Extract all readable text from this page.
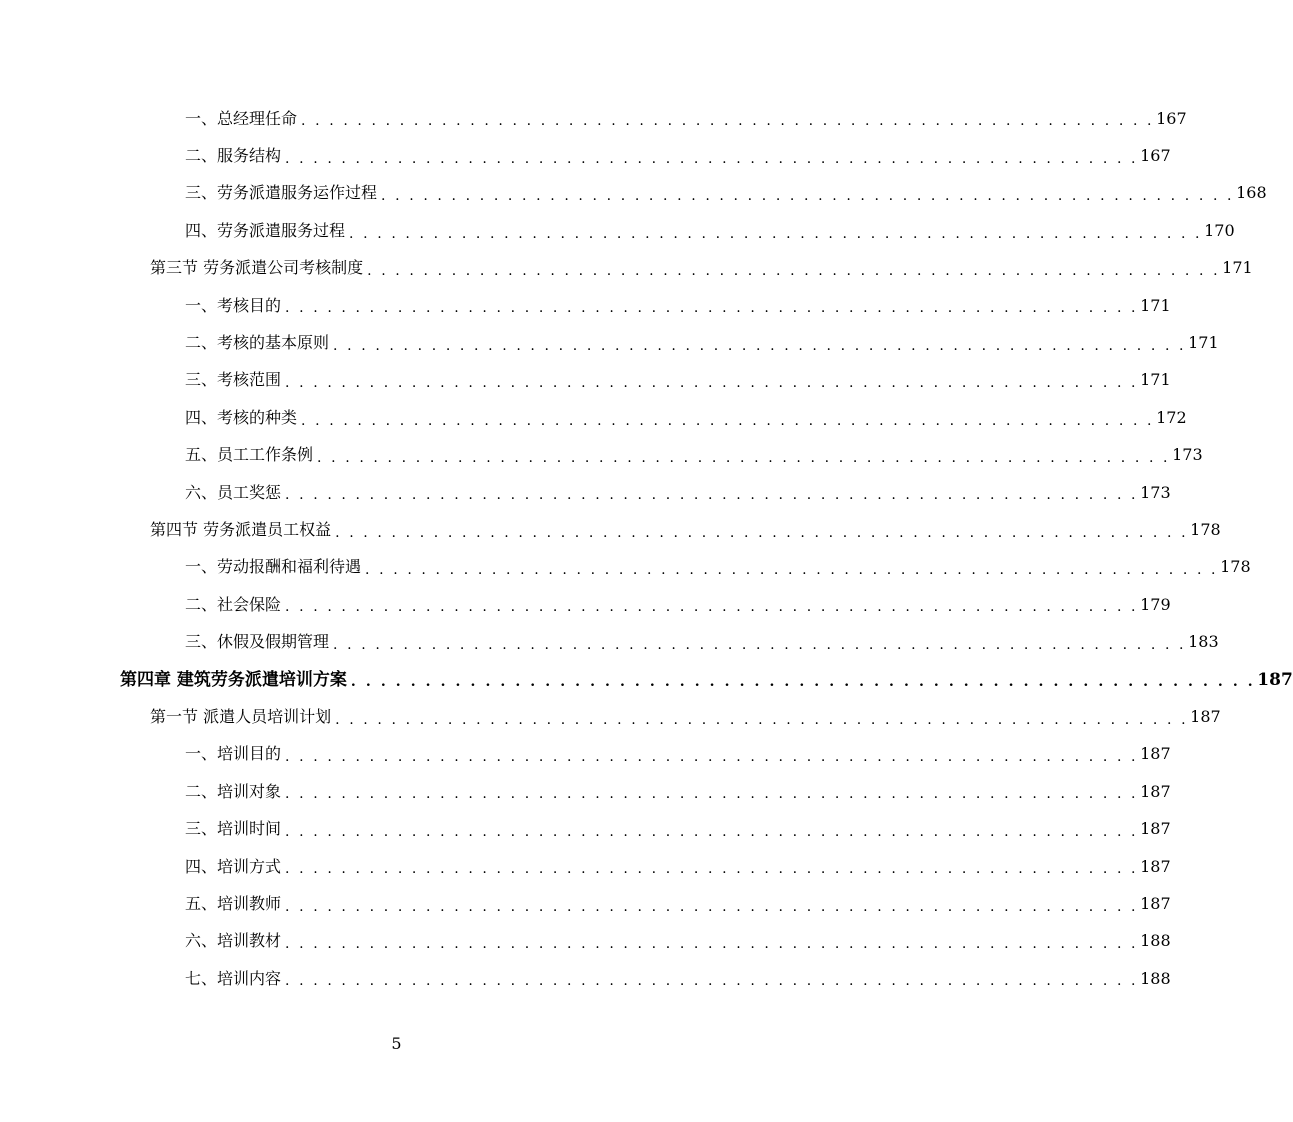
一、总经理任命 . . . . . . . . . . . . . . . . . . . . . . . . . . . . . . . . . . . . . . . . . . . . . . . . . . . . . . . . . . . . . 167
二、服务结构 . . . . . . . . . . . . . . . . . . . . . . . . . . . . . . . . . . . . . . . . . . . . . . . . . . . . . . . . . . . . . 167
三、劳务派遣服务运作过程 . . . . . . . . . . . . . . . . . . . . . . . . . . . . . . . . . . . . . . . . . . . . . . . . . . . . . . . . . . . . . 168
四、劳务派遣服务过程 . . . . . . . . . . . . . . . . . . . . . . . . . . . . . . . . . . . . . . . . . . . . . . . . . . . . . . . . . . . . . 170
第三节 劳务派遣公司考核制度 . . . . . . . . . . . . . . . . . . . . . . . . . . . . . . . . . . . . . . . . . . . . . . . . . . . . . . . . . . . . . 171
一、考核目的 . . . . . . . . . . . . . . . . . . . . . . . . . . . . . . . . . . . . . . . . . . . . . . . . . . . . . . . . . . . . . 171
二、考核的基本原则 . . . . . . . . . . . . . . . . . . . . . . . . . . . . . . . . . . . . . . . . . . . . . . . . . . . . . . . . . . . . . 171
三、考核范围 . . . . . . . . . . . . . . . . . . . . . . . . . . . . . . . . . . . . . . . . . . . . . . . . . . . . . . . . . . . . . 171
四、考核的种类 . . . . . . . . . . . . . . . . . . . . . . . . . . . . . . . . . . . . . . . . . . . . . . . . . . . . . . . . . . . . . 172
五、员工工作条例 . . . . . . . . . . . . . . . . . . . . . . . . . . . . . . . . . . . . . . . . . . . . . . . . . . . . . . . . . . . . . 173
六、员工奖惩 . . . . . . . . . . . . . . . . . . . . . . . . . . . . . . . . . . . . . . . . . . . . . . . . . . . . . . . . . . . . . 173
第四节 劳务派遣员工权益 . . . . . . . . . . . . . . . . . . . . . . . . . . . . . . . . . . . . . . . . . . . . . . . . . . . . . . . . . . . . . 178
一、劳动报酬和福利待遇 . . . . . . . . . . . . . . . . . . . . . . . . . . . . . . . . . . . . . . . . . . . . . . . . . . . . . . . . . . . . . 178
二、社会保险 . . . . . . . . . . . . . . . . . . . . . . . . . . . . . . . . . . . . . . . . . . . . . . . . . . . . . . . . . . . . . 179
三、休假及假期管理 . . . . . . . . . . . . . . . . . . . . . . . . . . . . . . . . . . . . . . . . . . . . . . . . . . . . . . . . . . . . . 183
第四章 建筑劳务派遣培训方案 . . . . . . . . . . . . . . . . . . . . . . . . . . . . . . . . . . . . . . . . . . . . . . . . . . . . . . . . . . . . . 187
第一节 派遣人员培训计划 . . . . . . . . . . . . . . . . . . . . . . . . . . . . . . . . . . . . . . . . . . . . . . . . . . . . . . . . . . . . . 187
一、培训目的 . . . . . . . . . . . . . . . . . . . . . . . . . . . . . . . . . . . . . . . . . . . . . . . . . . . . . . . . . . . . . 187
二、培训对象 . . . . . . . . . . . . . . . . . . . . . . . . . . . . . . . . . . . . . . . . . . . . . . . . . . . . . . . . . . . . . 187
三、培训时间 . . . . . . . . . . . . . . . . . . . . . . . . . . . . . . . . . . . . . . . . . . . . . . . . . . . . . . . . . . . . . 187
四、培训方式 . . . . . . . . . . . . . . . . . . . . . . . . . . . . . . . . . . . . . . . . . . . . . . . . . . . . . . . . . . . . . 187
五、培训教师 . . . . . . . . . . . . . . . . . . . . . . . . . . . . . . . . . . . . . . . . . . . . . . . . . . . . . . . . . . . . . 187
六、培训教材 . . . . . . . . . . . . . . . . . . . . . . . . . . . . . . . . . . . . . . . . . . . . . . . . . . . . . . . . . . . . . 188
七、培训内容 . . . . . . . . . . . . . . . . . . . . . . . . . . . . . . . . . . . . . . . . . . . . . . . . . . . . . . . . . . . . . 188
5
